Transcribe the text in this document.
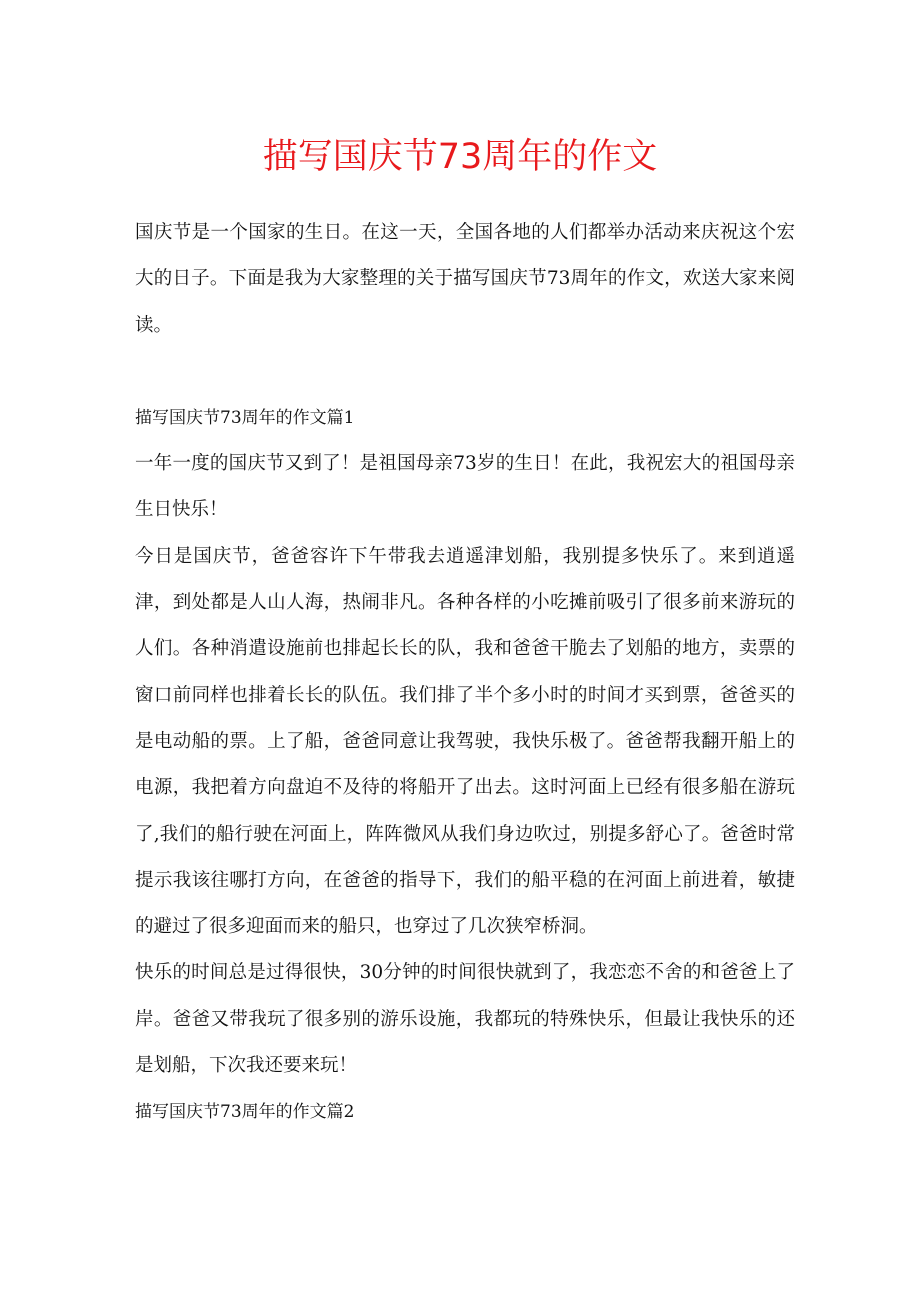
描写国庆节73周年的作文

国庆节是一个国家的生日。在这一天，全国各地的人们都举办活动来庆祝这个宏大的日子。下面是我为大家整理的关于描写国庆节73周年的作文，欢送大家来阅读。

描写国庆节73周年的作文篇1

一年一度的国庆节又到了！是祖国母亲73岁的生日！在此，我祝宏大的祖国母亲生日快乐！

今日是国庆节，爸爸容许下午带我去逍遥津划船，我别提多快乐了。来到逍遥津，到处都是人山人海，热闹非凡。各种各样的小吃摊前吸引了很多前来游玩的人们。各种消遣设施前也排起长长的队，我和爸爸干脆去了划船的地方，卖票的窗口前同样也排着长长的队伍。我们排了半个多小时的时间才买到票，爸爸买的是电动船的票。上了船，爸爸同意让我驾驶，我快乐极了。爸爸帮我翻开船上的电源，我把着方向盘迫不及待的将船开了出去。这时河面上已经有很多船在游玩了,我们的船行驶在河面上，阵阵微风从我们身边吹过，别提多舒心了。爸爸时常提示我该往哪打方向，在爸爸的指导下，我们的船平稳的在河面上前进着，敏捷的避过了很多迎面而来的船只，也穿过了几次狭窄桥洞。

快乐的时间总是过得很快，30分钟的时间很快就到了，我恋恋不舍的和爸爸上了岸。爸爸又带我玩了很多别的游乐设施，我都玩的特殊快乐，但最让我快乐的还是划船，下次我还要来玩！

描写国庆节73周年的作文篇2
